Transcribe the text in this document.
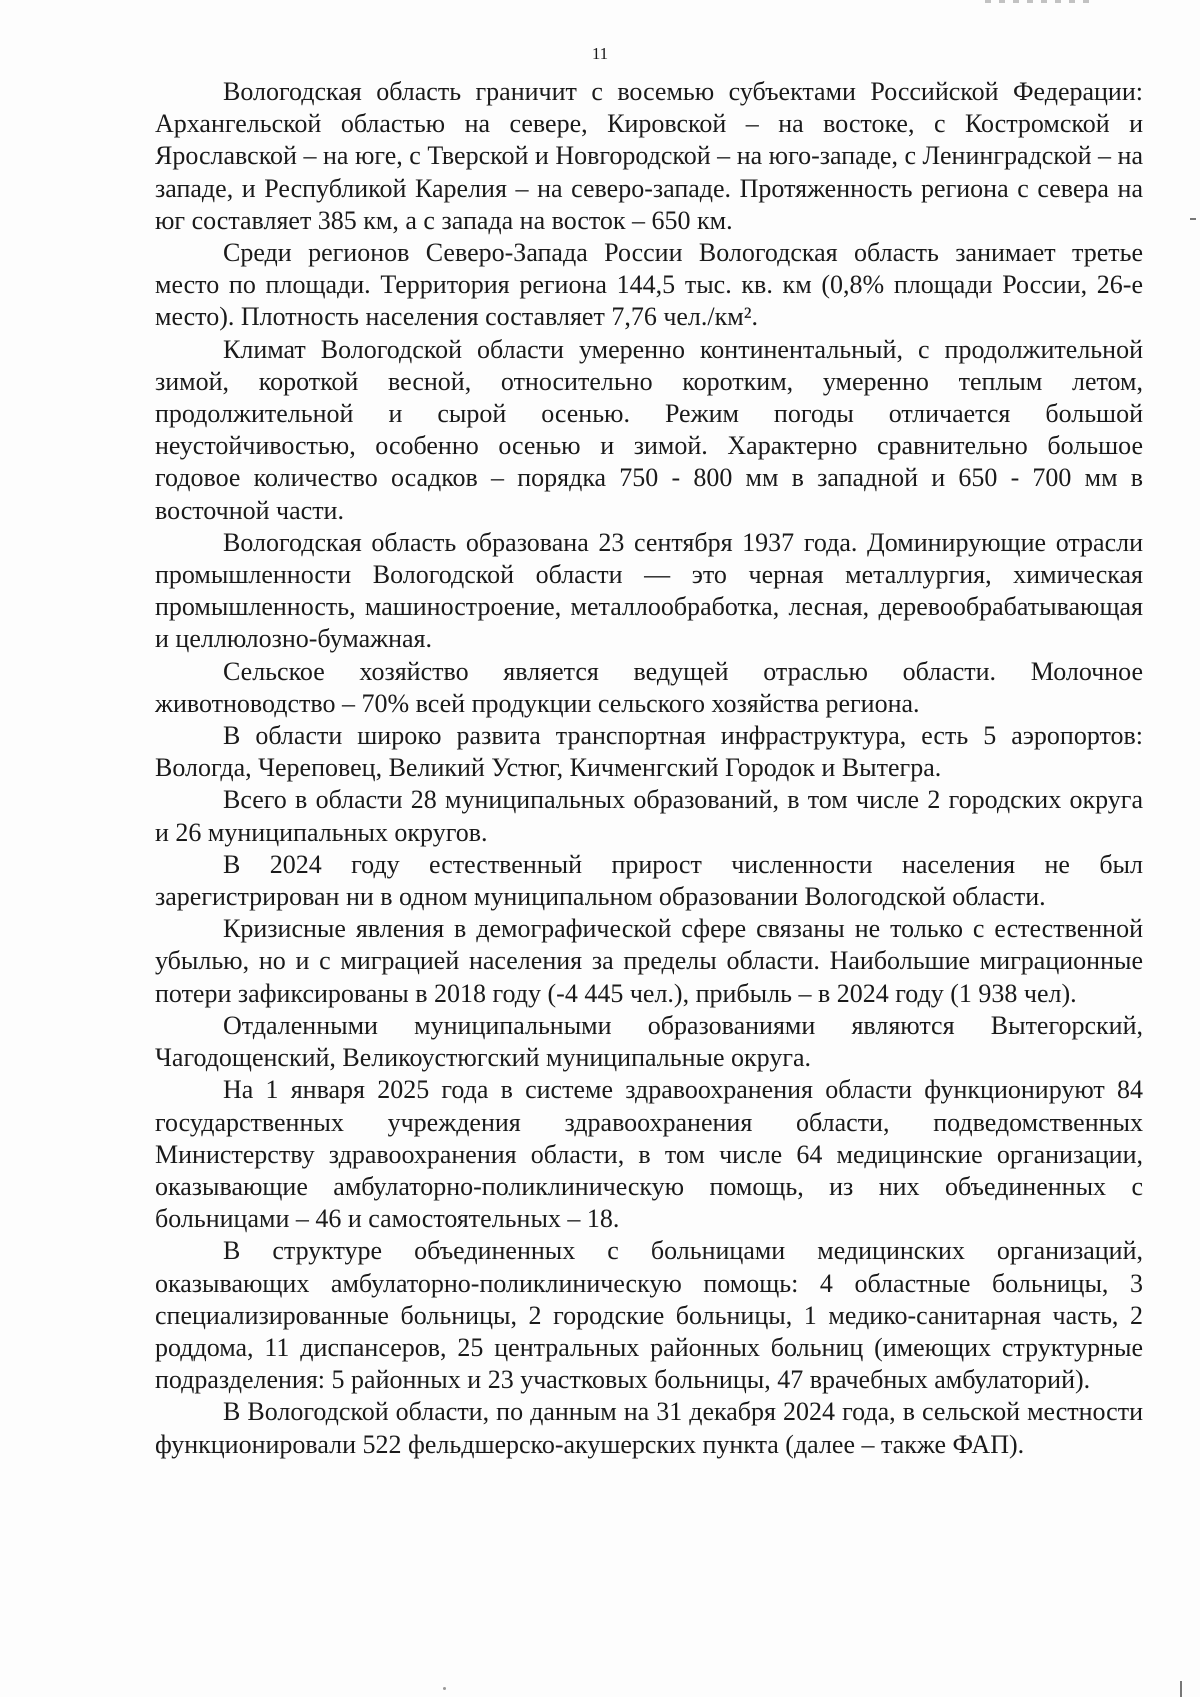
11

Вологодская область граничит с восемью субъектами Российской Федерации: Архангельской областью на севере, Кировской – на востоке, с Костромской и Ярославской – на юге, с Тверской и Новгородской – на юго-западе, с Ленинградской – на западе, и Республикой Карелия – на северо-западе. Протяженность региона с севера на юг составляет 385 км, а с запада на восток – 650 км.

Среди регионов Северо-Запада России Вологодская область занимает третье место по площади. Территория региона 144,5 тыс. кв. км (0,8% площади России, 26-е место). Плотность населения составляет 7,76 чел./км².

Климат Вологодской области умеренно континентальный, с продолжительной зимой, короткой весной, относительно коротким, умеренно теплым летом, продолжительной и сырой осенью. Режим погоды отличается большой неустойчивостью, особенно осенью и зимой. Характерно сравнительно большое годовое количество осадков – порядка 750 - 800 мм в западной и 650 - 700 мм в восточной части.

Вологодская область образована 23 сентября 1937 года. Доминирующие отрасли промышленности Вологодской области — это черная металлургия, химическая промышленность, машиностроение, металлообработка, лесная, деревообрабатывающая и целлюлозно-бумажная.

Сельское хозяйство является ведущей отраслью области. Молочное животноводство – 70% всей продукции сельского хозяйства региона.

В области широко развита транспортная инфраструктура, есть 5 аэропортов: Вологда, Череповец, Великий Устюг, Кичменгский Городок и Вытегра.

Всего в области 28 муниципальных образований, в том числе 2 городских округа и 26 муниципальных округов.

В 2024 году естественный прирост численности населения не был зарегистрирован ни в одном муниципальном образовании Вологодской области.

Кризисные явления в демографической сфере связаны не только с естественной убылью, но и с миграцией населения за пределы области. Наибольшие миграционные потери зафиксированы в 2018 году (-4 445 чел.), прибыль – в 2024 году (1 938 чел).

Отдаленными муниципальными образованиями являются Вытегорский, Чагодощенский, Великоустюгский муниципальные округа.

На 1 января 2025 года в системе здравоохранения области функционируют 84 государственных учреждения здравоохранения области, подведомственных Министерству здравоохранения области, в том числе 64 медицинские организации, оказывающие амбулаторно-поликлиническую помощь, из них объединенных с больницами – 46 и самостоятельных – 18.

В структуре объединенных с больницами медицинских организаций, оказывающих амбулаторно-поликлиническую помощь: 4 областные больницы, 3 специализированные больницы, 2 городские больницы, 1 медико-санитарная часть, 2 роддома, 11 диспансеров, 25 центральных районных больниц (имеющих структурные подразделения: 5 районных и 23 участковых больницы, 47 врачебных амбулаторий).

В Вологодской области, по данным на 31 декабря 2024 года, в сельской местности функционировали 522 фельдшерско-акушерских пункта (далее – также ФАП).
